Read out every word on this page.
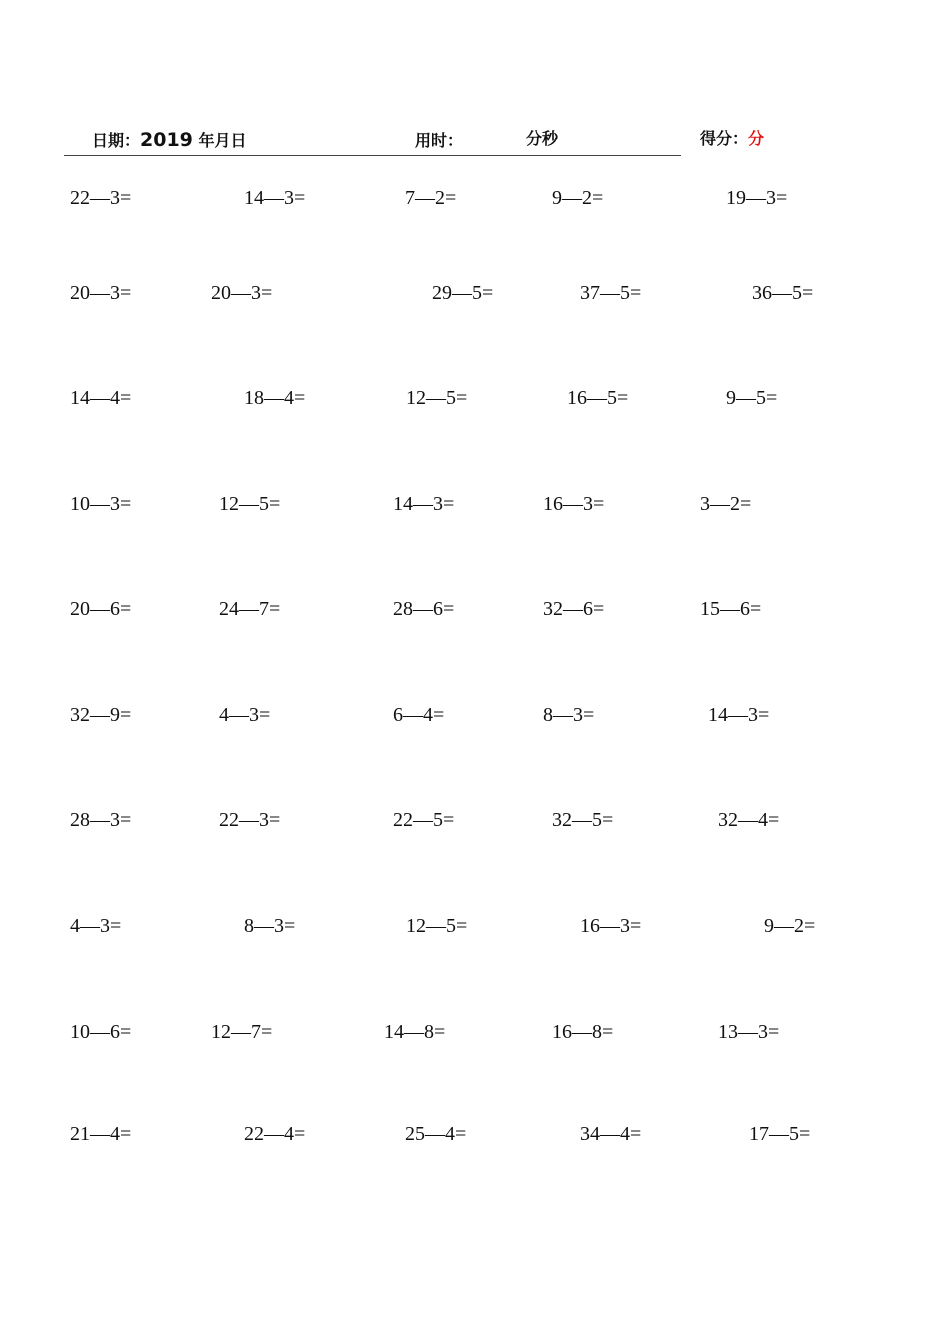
日期：2019 年月日	用时：	分秒	得分：分
22—3=	14—3=	7—2=	9—2=	19—3=
20—3=	20—3=	29—5=	37—5=	36—5=
14—4=	18—4=	12—5=	16—5=	9—5=
10—3=	12—5=	14—3=	16—3=	3—2=
20—6=	24—7=	28—6=	32—6=	15—6=
32—9=	4—3=	6—4=	8—3=	14—3=
28—3=	22—3=	22—5=	32—5=	32—4=
4—3=	8—3=	12—5=	16—3=	9—2=
10—6=	12—7=	14—8=	16—8=	13—3=
21—4=	22—4=	25—4=	34—4=	17—5=
